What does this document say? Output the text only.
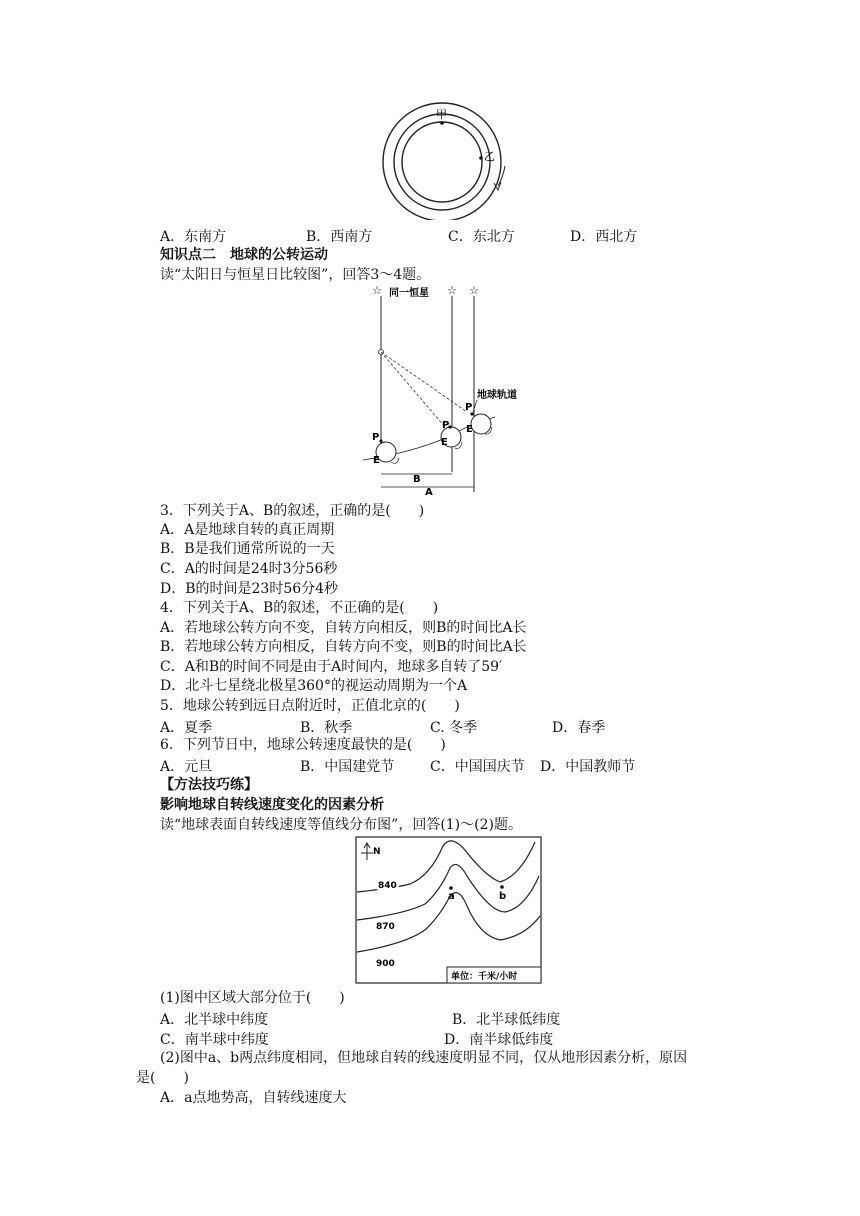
甲
乙
A．东南方	B．西南方	C．东北方	D．西北方
知识点二　地球的公转运动
读“太阳日与恒星日比较图”，回答3～4题。
☆	☆ ☆
同一恒星
地球轨道
P
P
P
E
E
E
B
A
3．下列关于A、B的叙述，正确的是(　　)
A．A是地球自转的真正周期
B．B是我们通常所说的一天
C．A的时间是24时3分56秒
D．B的时间是23时56分4秒
4．下列关于A、B的叙述，不正确的是(　　)
A．若地球公转方向不变，自转方向相反，则B的时间比A长
B．若地球公转方向相反，自转方向不变，则B的时间比A长
C．A和B的时间不同是由于A时间内，地球多自转了59′
D．北斗七星绕北极星360°的视运动周期为一个A
5．地球公转到远日点附近时，正值北京的(　　)
A．夏季	B．秋季	C. 冬季	D．春季
6．下列节日中，地球公转速度最快的是(　　)
A．元旦	B．中国建党节	C．中国国庆节 D．中国教师节
【方法技巧练】
影响地球自转线速度变化的因素分析
读“地球表面自转线速度等值线分布图”，回答(1)～(2)题。
N
840
870
900
a	b
单位：千米/小时
(1)图中区域大部分位于(　　)
A．北半球中纬度	B．北半球低纬度
C．南半球中纬度	D．南半球低纬度
(2)图中a、b两点纬度相同，但地球自转的线速度明显不同，仅从地形因素分析，原因
是(　　)
A．a点地势高，自转线速度大
